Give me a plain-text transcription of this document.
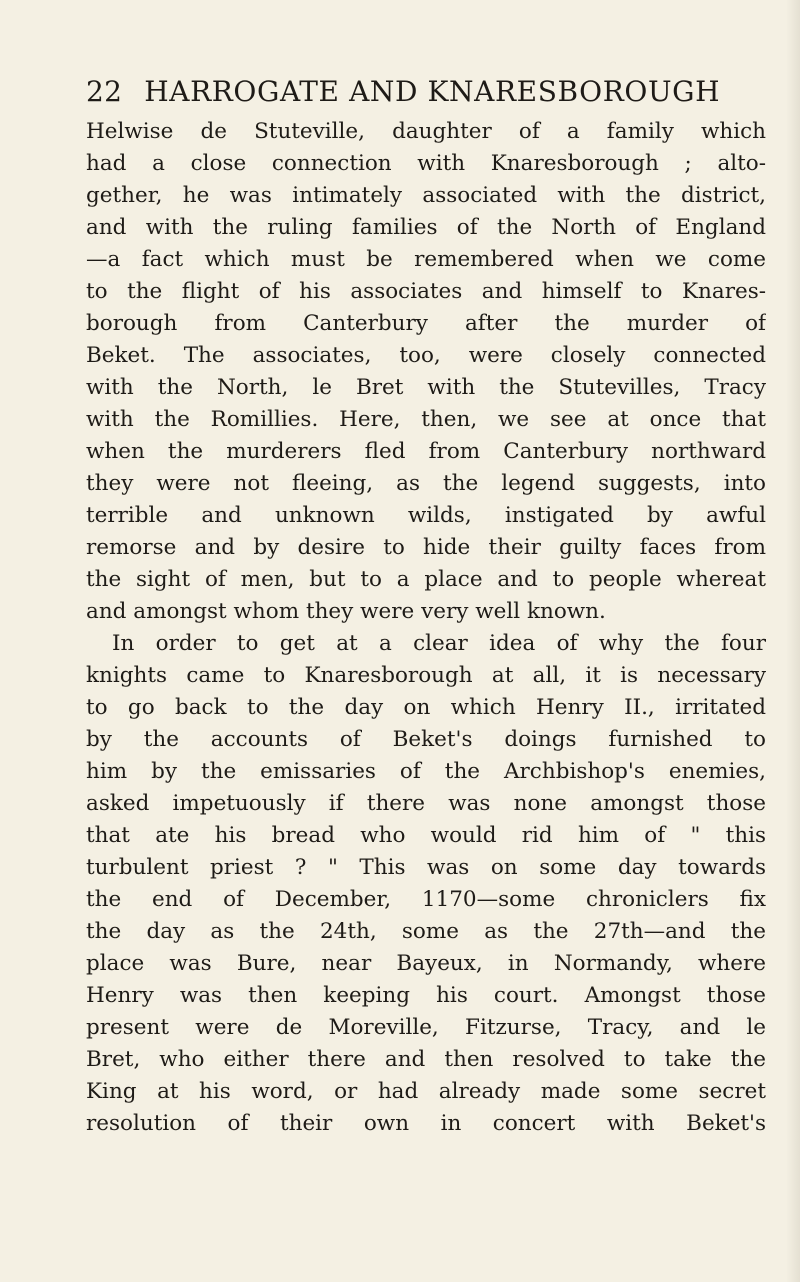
22 HARROGATE AND KNARESBOROUGH
Helwise de Stuteville, daughter of a family which
had a close connection with Knaresborough ; alto-
gether, he was intimately associated with the district,
and with the ruling families of the North of England
—a fact which must be remembered when we come
to the flight of his associates and himself to Knares-
borough from Canterbury after the murder of
Beket. The associates, too, were closely connected
with the North, le Bret with the Stutevilles, Tracy
with the Romillies. Here, then, we see at once that
when the murderers fled from Canterbury northward
they were not fleeing, as the legend suggests, into
terrible and unknown wilds, instigated by awful
remorse and by desire to hide their guilty faces from
the sight of men, but to a place and to people whereat
and amongst whom they were very well known.
In order to get at a clear idea of why the four
knights came to Knaresborough at all, it is necessary
to go back to the day on which Henry II., irritated
by the accounts of Beket's doings furnished to
him by the emissaries of the Archbishop's enemies,
asked impetuously if there was none amongst those
that ate his bread who would rid him of " this
turbulent priest ? " This was on some day towards
the end of December, 1170—some chroniclers fix
the day as the 24th, some as the 27th—and the
place was Bure, near Bayeux, in Normandy, where
Henry was then keeping his court. Amongst those
present were de Moreville, Fitzurse, Tracy, and le
Bret, who either there and then resolved to take the
King at his word, or had already made some secret
resolution of their own in concert with Beket's
